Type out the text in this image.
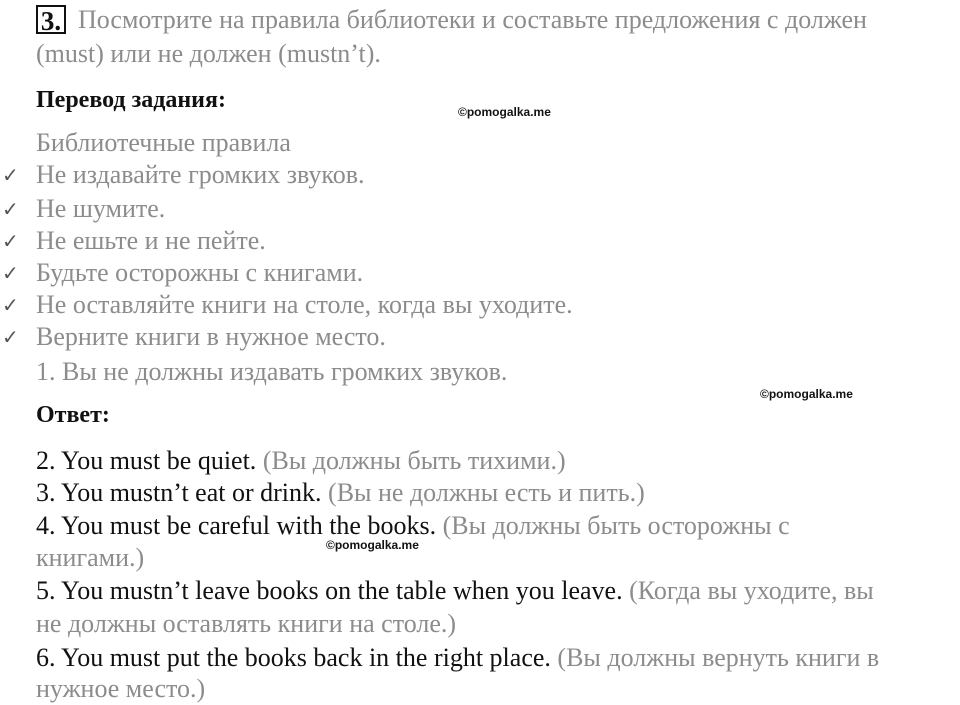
3. Посмотрите на правила библиотеки и составьте предложения с должен
(must) или не должен (mustn’t).
Перевод задания:	©pomogalka.me
Библиотечные правила
✓ Не издавайте громких звуков.
✓ Не шумите.
✓ Не ешьте и не пейте.
✓ Будьте осторожны с книгами.
✓ Не оставляйте книги на столе, когда вы уходите.
✓ Верните книги в нужное место.
1. Вы не должны издавать громких звуков.
©pomogalka.me
Ответ:
2. You must be quiet. (Вы должны быть тихими.)
3. You mustn’t eat or drink. (Вы не должны есть и пить.)
4. You must be careful with the books. (Вы должны быть осторожны с
книгами.)	©pomogalka.me
5. You mustn’t leave books on the table when you leave. (Когда вы уходите, вы
не должны оставлять книги на столе.)
6. You must put the books back in the right place. (Вы должны вернуть книги в
нужное место.)
